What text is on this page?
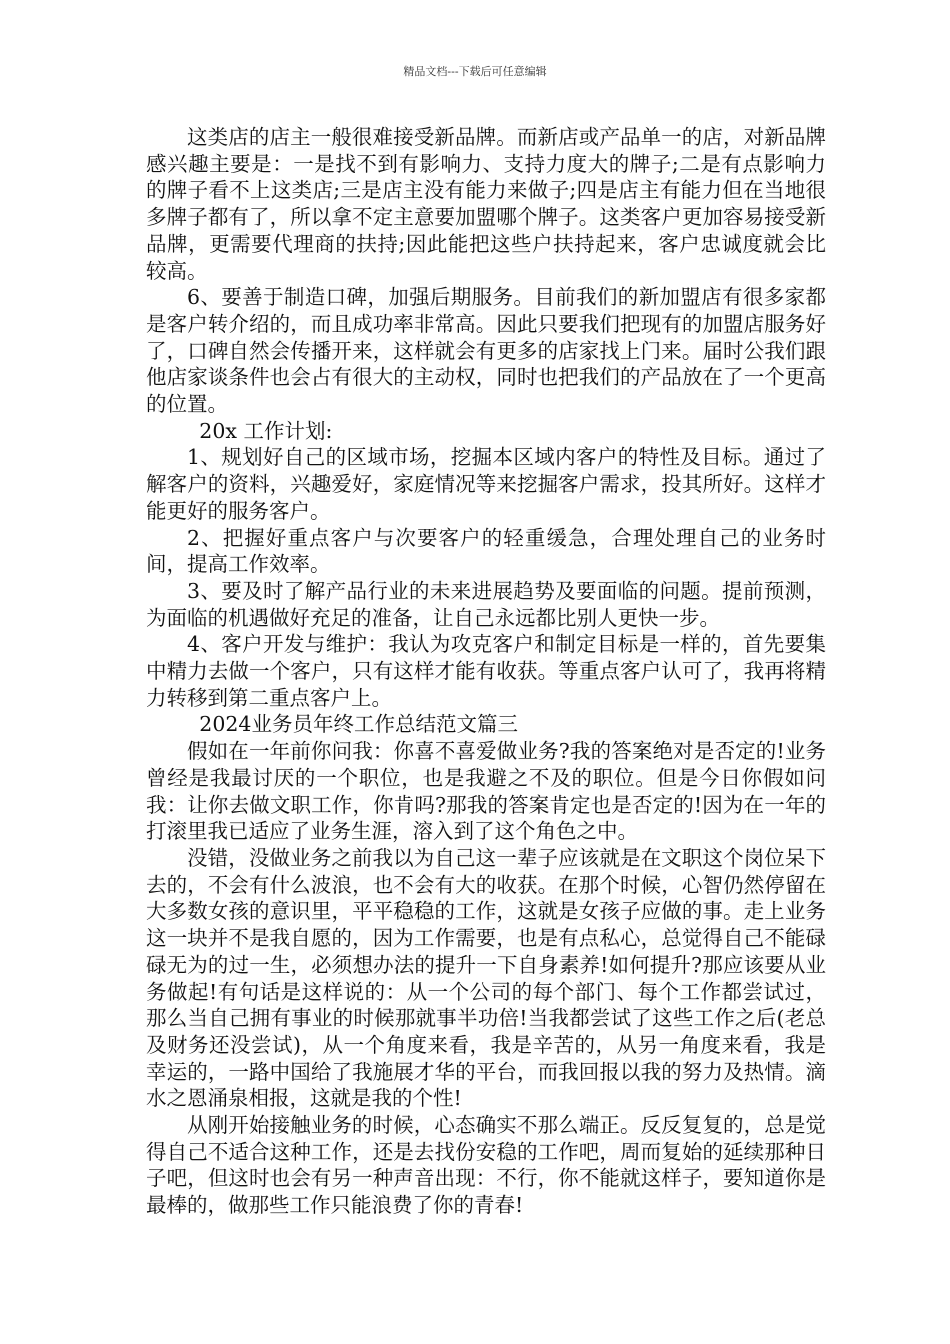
精品文档---下载后可任意编辑

这类店的店主一般很难接受新品牌。而新店或产品单一的店，对新品牌感兴趣主要是：一是找不到有影响力、支持力度大的牌子;二是有点影响力的牌子看不上这类店;三是店主没有能力来做子;四是店主有能力但在当地很多牌子都有了，所以拿不定主意要加盟哪个牌子。这类客户更加容易接受新品牌，更需要代理商的扶持;因此能把这些户扶持起来，客户忠诚度就会比较高。

6、要善于制造口碑，加强后期服务。目前我们的新加盟店有很多家都是客户转介绍的，而且成功率非常高。因此只要我们把现有的加盟店服务好了，口碑自然会传播开来，这样就会有更多的店家找上门来。届时公我们跟他店家谈条件也会占有很大的主动权，同时也把我们的产品放在了一个更高的位置。

20x 工作计划:

1、规划好自己的区域市场，挖掘本区域内客户的特性及目标。通过了解客户的资料，兴趣爱好，家庭情况等来挖掘客户需求，投其所好。这样才能更好的服务客户。

2、把握好重点客户与次要客户的轻重缓急，合理处理自己的业务时间，提高工作效率。

3、要及时了解产品行业的未来进展趋势及要面临的问题。提前预测，为面临的机遇做好充足的准备，让自己永远都比别人更快一步。

4、客户开发与维护：我认为攻克客户和制定目标是一样的，首先要集中精力去做一个客户，只有这样才能有收获。等重点客户认可了，我再将精力转移到第二重点客户上。

2024业务员年终工作总结范文篇三

假如在一年前你问我：你喜不喜爱做业务?我的答案绝对是否定的!业务曾经是我最讨厌的一个职位，也是我避之不及的职位。但是今日你假如问我：让你去做文职工作，你肯吗?那我的答案肯定也是否定的!因为在一年的打滚里我已适应了业务生涯，溶入到了这个角色之中。

没错，没做业务之前我以为自己这一辈子应该就是在文职这个岗位呆下去的，不会有什么波浪，也不会有大的收获。在那个时候，心智仍然停留在大多数女孩的意识里，平平稳稳的工作，这就是女孩子应做的事。走上业务这一块并不是我自愿的，因为工作需要，也是有点私心，总觉得自己不能碌碌无为的过一生，必须想办法的提升一下自身素养!如何提升?那应该要从业务做起!有句话是这样说的：从一个公司的每个部门、每个工作都尝试过，那么当自己拥有事业的时候那就事半功倍!当我都尝试了这些工作之后(老总及财务还没尝试)，从一个角度来看，我是辛苦的，从另一角度来看，我是幸运的，一路中国给了我施展才华的平台，而我回报以我的努力及热情。滴水之恩涌泉相报，这就是我的个性!

从刚开始接触业务的时候，心态确实不那么端正。反反复复的，总是觉得自己不适合这种工作，还是去找份安稳的工作吧，周而复始的延续那种日子吧，但这时也会有另一种声音出现：不行，你不能就这样子，要知道你是最棒的，做那些工作只能浪费了你的青春!
